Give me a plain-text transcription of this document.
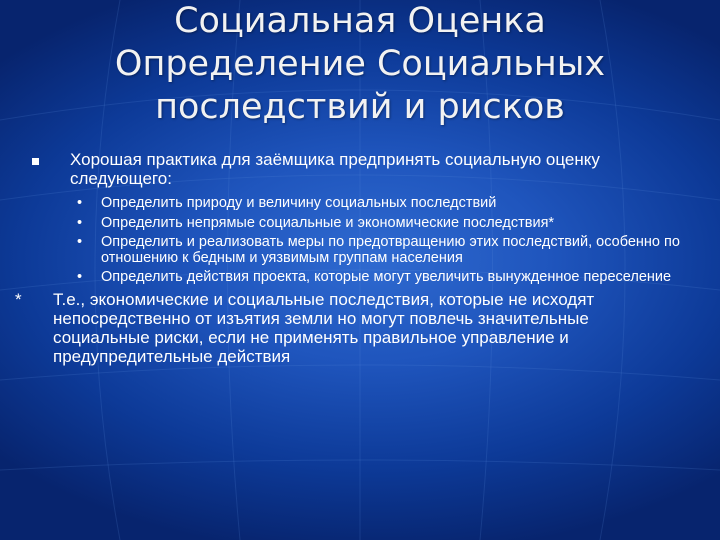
Социальная Оценка
Определение Социальных
последствий и рисков
Хорошая практика для заёмщика предпринять социальную оценку следующего:
• Определить природу и величину социальных последствий
• Определить непрямые социальные и экономические последствия*
• Определить и реализовать меры по предотвращению этих последствий, особенно по отношению к бедным и уязвимым группам населения
• Определить действия проекта, которые могут увеличить вынужденное переселение
* Т.е., экономические и социальные последствия, которые не исходят непосредственно от изъятия земли но могут повлечь значительные социальные риски, если не применять правильное управление и предупредительные действия
